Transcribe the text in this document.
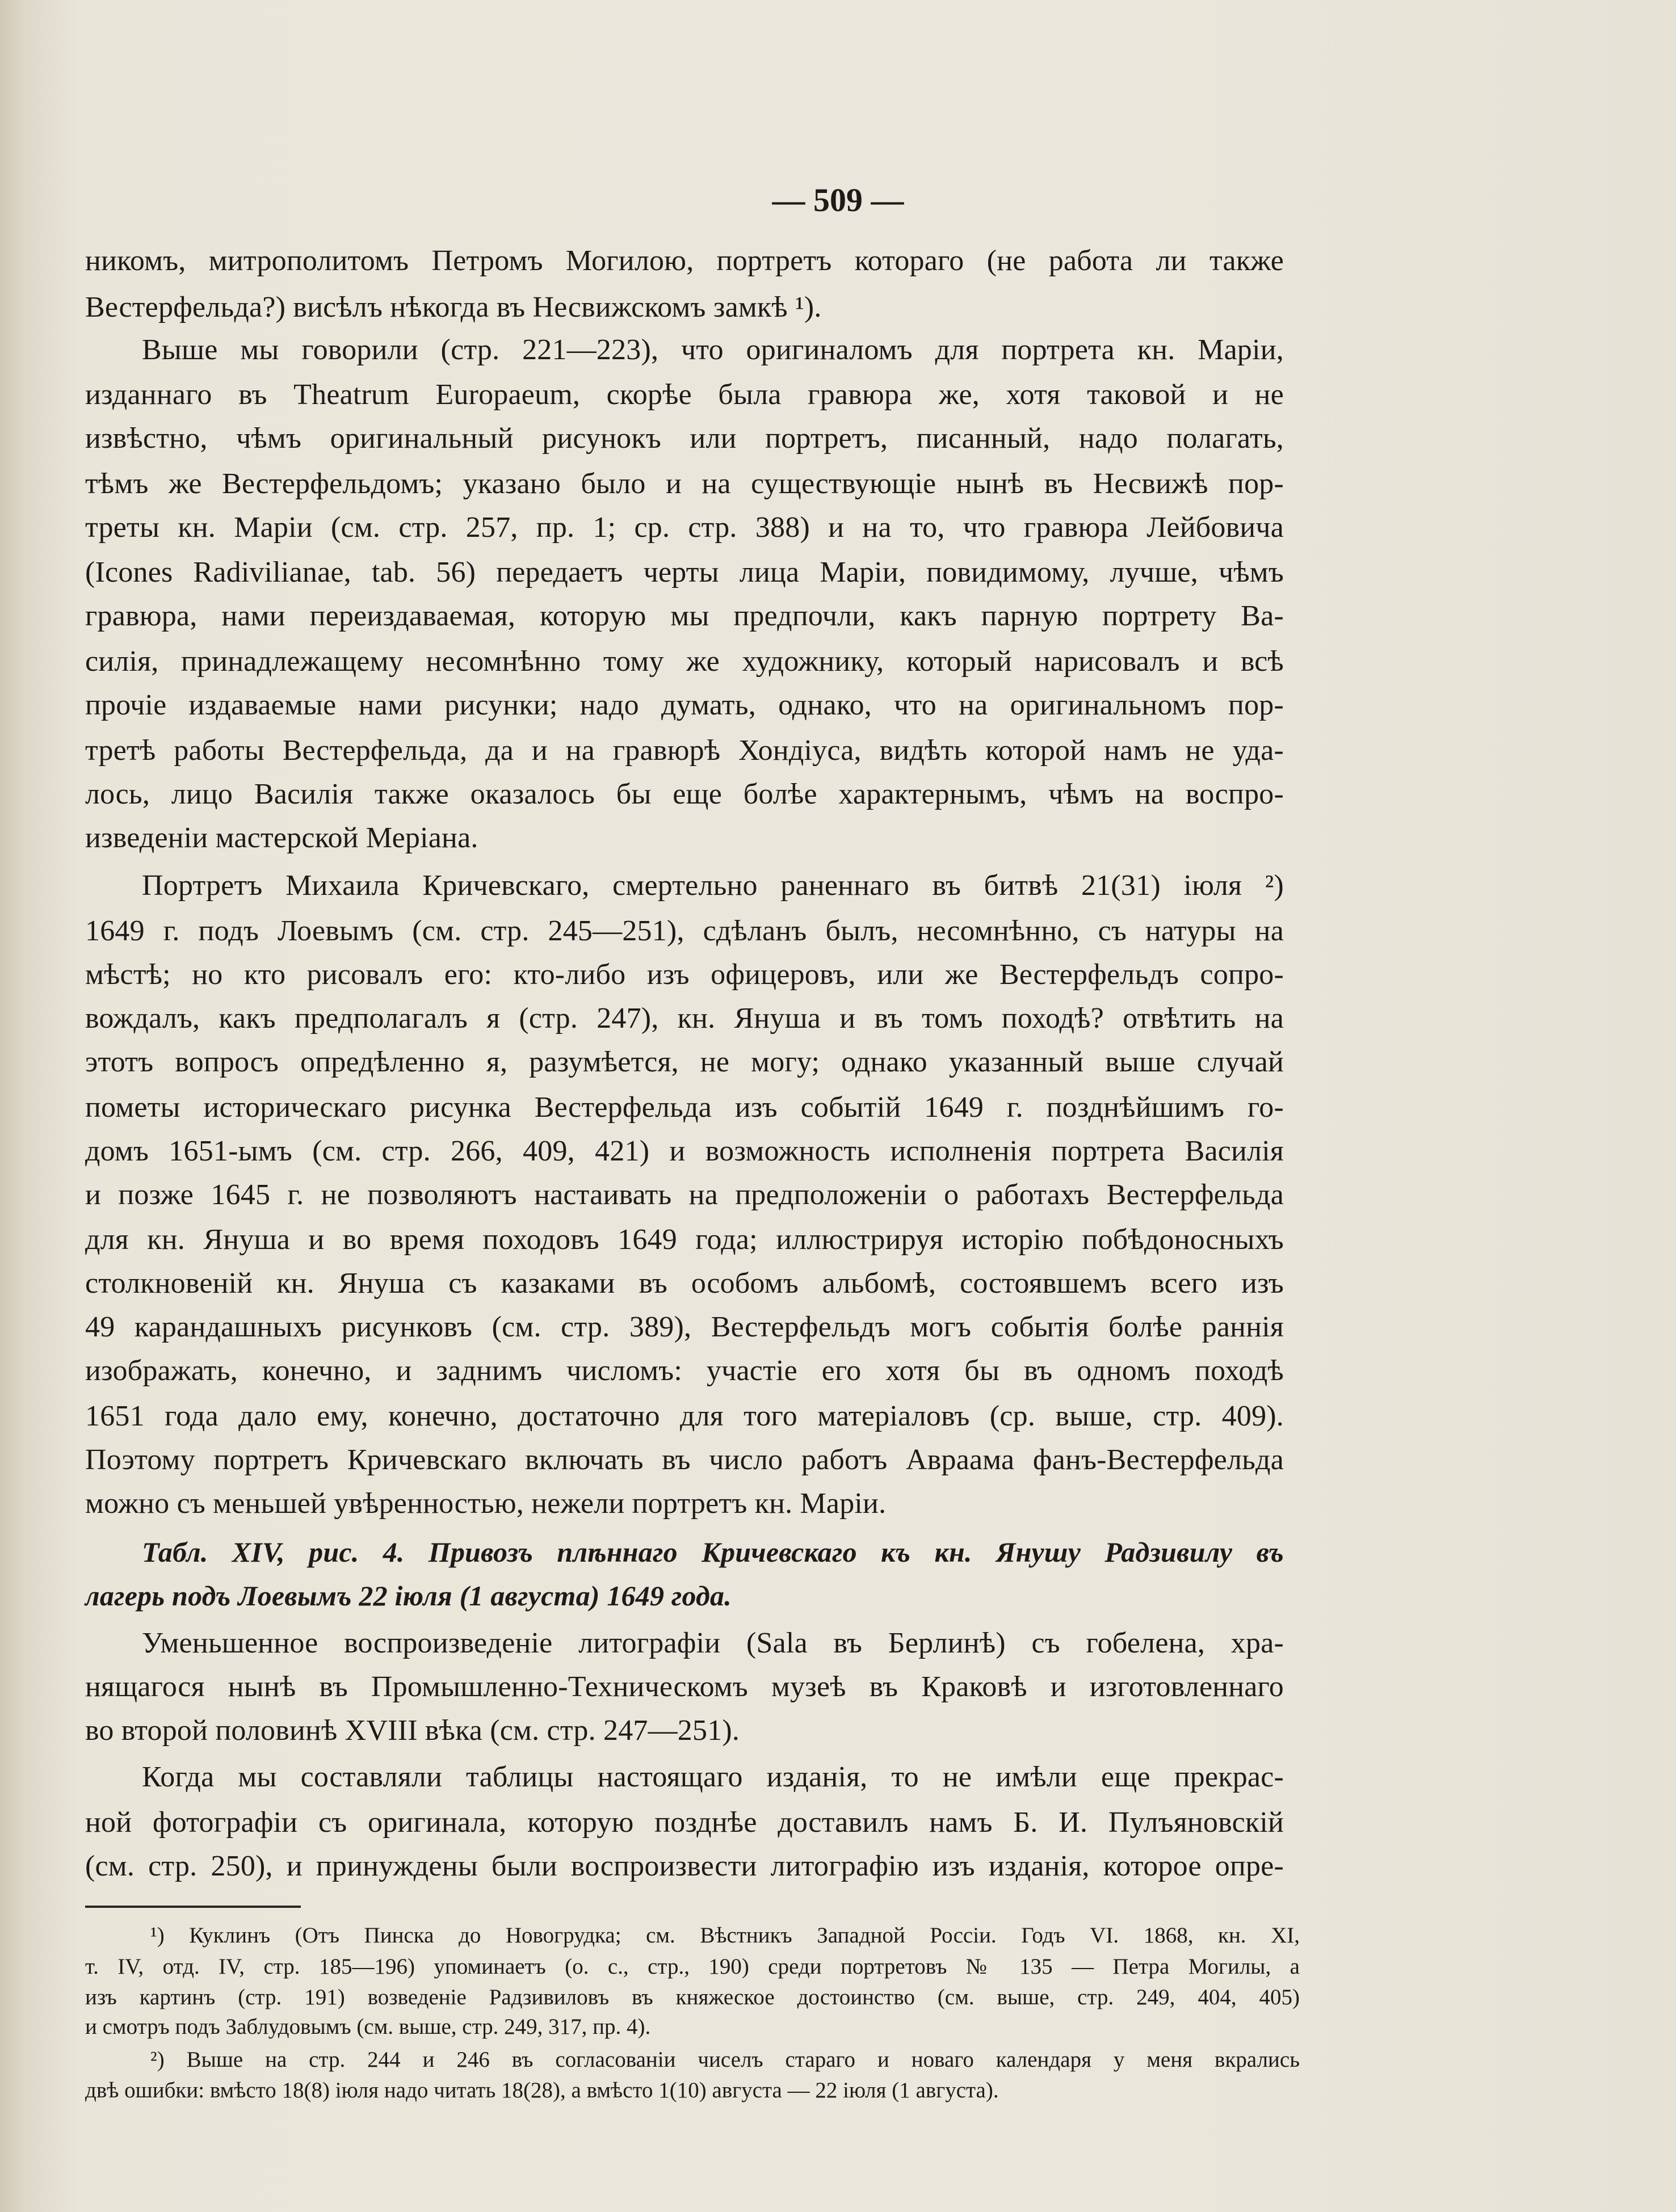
— 509 —
никомъ, митрополитомъ Петромъ Могилою, портретъ котораго (не работа ли также
Вестерфельда?) висѣлъ нѣкогда въ Несвижскомъ замкѣ ¹).
Выше мы говорили (стр. 221—223), что оригиналомъ для портрета кн. Маріи,
изданнаго въ Theatrum Europaeum, скорѣе была гравюра же, хотя таковой и не
извѣстно, чѣмъ оригинальный рисунокъ или портретъ, писанный, надо полагать,
тѣмъ же Вестерфельдомъ; указано было и на существующіе нынѣ въ Несвижѣ пор-
треты кн. Маріи (см. стр. 257, пр. 1; ср. стр. 388) и на то, что гравюра Лейбовича
(Icones Radivilianae, tab. 56) передаетъ черты лица Маріи, повидимому, лучше, чѣмъ
гравюра, нами переиздаваемая, которую мы предпочли, какъ парную портрету Ва-
силія, принадлежащему несомнѣнно тому же художнику, который нарисовалъ и всѣ
прочіе издаваемые нами рисунки; надо думать, однако, что на оригинальномъ пор-
третѣ работы Вестерфельда, да и на гравюрѣ Хондіуса, видѣть которой намъ не уда-
лось, лицо Василія также оказалось бы еще болѣе характернымъ, чѣмъ на воспро-
изведеніи мастерской Меріана.
Портретъ Михаила Кричевскаго, смертельно раненнаго въ битвѣ 21(31) іюля ²)
1649 г. подъ Лоевымъ (см. стр. 245—251), сдѣланъ былъ, несомнѣнно, съ натуры на
мѣстѣ; но кто рисовалъ его: кто-либо изъ офицеровъ, или же Вестерфельдъ сопро-
вождалъ, какъ предполагалъ я (стр. 247), кн. Януша и въ томъ походѣ? отвѣтить на
этотъ вопросъ опредѣленно я, разумѣется, не могу; однако указанный выше случай
пометы историческаго рисунка Вестерфельда изъ событій 1649 г. позднѣйшимъ го-
домъ 1651-ымъ (см. стр. 266, 409, 421) и возможность исполненія портрета Василія
и позже 1645 г. не позволяютъ настаивать на предположеніи о работахъ Вестерфельда
для кн. Януша и во время походовъ 1649 года; иллюстрируя исторію побѣдоносныхъ
столкновеній кн. Януша съ казаками въ особомъ альбомѣ, состоявшемъ всего изъ
49 карандашныхъ рисунковъ (см. стр. 389), Вестерфельдъ могъ событія болѣе раннія
изображать, конечно, и заднимъ числомъ: участіе его хотя бы въ одномъ походѣ
1651 года дало ему, конечно, достаточно для того матеріаловъ (ср. выше, стр. 409).
Поэтому портретъ Кричевскаго включать въ число работъ Авраама фанъ-Вестерфельда
можно съ меньшей увѣренностью, нежели портретъ кн. Маріи.
Табл. XIV, рис. 4. Привозъ плѣннаго Кричевскаго къ кн. Янушу Радзивилу въ
лагерь подъ Лоевымъ 22 іюля (1 августа) 1649 года.
Уменьшенное воспроизведеніе литографіи (Sala въ Берлинѣ) съ гобелена, хра-
нящагося нынѣ въ Промышленно-Техническомъ музеѣ въ Краковѣ и изготовленнаго
во второй половинѣ XVIII вѣка (см. стр. 247—251).
Когда мы составляли таблицы настоящаго изданія, то не имѣли еще прекрас-
ной фотографіи съ оригинала, которую позднѣе доставилъ намъ Б. И. Пулъяновскій
(см. стр. 250), и принуждены были воспроизвести литографію изъ изданія, которое опре-
¹) Куклинъ (Отъ Пинска до Новогрудка; см. Вѣстникъ Западной Россіи. Годъ VI. 1868, кн. XI,
т. IV, отд. IV, стр. 185—196) упоминаетъ (о. с., стр., 190) среди портретовъ № 135 — Петра Могилы, а
изъ картинъ (стр. 191) возведеніе Радзивиловъ въ княжеское достоинство (см. выше, стр. 249, 404, 405)
и смотръ подъ Заблудовымъ (см. выше, стр. 249, 317, пр. 4).
²) Выше на стр. 244 и 246 въ согласованіи чиселъ стараго и новаго календаря у меня вкрались
двѣ ошибки: вмѣсто 18(8) іюля надо читать 18(28), а вмѣсто 1(10) августа — 22 іюля (1 августа).
